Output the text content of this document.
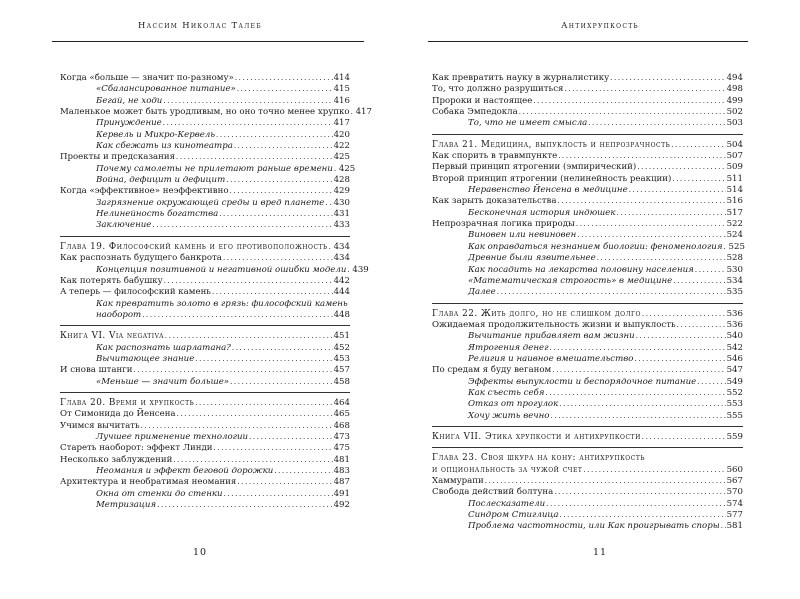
Нассим Николас Талеб
Когда «больше — значит по-разному» . . .	414
«Сбалансированное питание» . . .	415
Бегай, не ходи . . .	416
Маленькое может быть уродливым, но оно точно менее хрупко . . . 417
Принуждение . . .	417
Кервель и Микро-Кервель . . .	420
Как сбежать из кинотеатра . . .	422
Проекты и предсказания . . .	425
Почему самолеты не прилетают раньше времени . . . 425
Война, дефицит и дефицит . . .	428
Когда «эффективное» неэффективно . . .	429
Загрязнение окружающей среды и вред планете . . . 430
Нелинейность богатства . . .	431
Заключение . . .	433
Глава 19. Философский камень и его противоположность . . . 434
Как распознать будущего банкрота . . .	434
Концепция позитивной и негативной ошибки модели . . . 439
Как потерять бабушку . . .	442
А теперь — философский камень . . .	444
Как превратить золото в грязь: философский камень
наоборот . . .	448
Книга VI. Via negativa . . .	451
Как распознать шарлатана? . . .	452
Вычитающее знание . . .	453
И снова штанги . . .	457
«Меньше — значит больше» . . .	458
Глава 20. Время и хрупкость . . .	464
От Симонида до Йенсена . . .	465
Учимся вычитать . . .	468
Лучшее применение технологии . . .	473
Стареть наоборот: эффект Линди . . .	475
Несколько заблуждений . . .	481
Неомания и эффект беговой дорожки . . .	483
Архитектура и необратимая неомания . . .	487
Окна от стенки до стенки . . .	491
Метризация . . .	492
10
Антихрупкость
Как превратить науку в журналистику . . .	494
То, что должно разрушиться . . .	498
Пророки и настоящее . . .	499
Собака Эмпедокла . . .	502
То, что не имеет смысла . . .	503
Глава 21. Медицина, выпуклость и непрозрачность . . .	504
Как спорить в травмпункте . . .	507
Первый принцип ятрогении (эмпирический) . . .	509
Второй принцип ятрогении (нелинейность реакции) . . .	511
Неравенство Йенсена в медицине . . .	514
Как зарыть доказательства . . .	516
Бесконечная история индюшек . . .	517
Непрозрачная логика природы . . .	522
Виновен или невиновен . . .	524
Как оправдаться незнанием биологии: феноменология . . . 525
Древние были язвительнее . . .	528
Как посадить на лекарства половину населения . . .	530
«Математическая строгость» в медицине . . .	534
Далее . . .	535
Глава 22. Жить долго, но не слишком долго . . .	536
Ожидаемая продолжительность жизни и выпуклость . . .	536
Вычитание прибавляет вам жизни . . .	540
Ятрогения денег . . .	542
Религия и наивное вмешательство . . .	546
По средам я буду веганом . . .	547
Эффекты выпуклости и беспорядочное питание . . .	549
Как съесть себя . . .	552
Отказ от прогулок . . .	553
Хочу жить вечно . . .	555
Книга VII. Этика хрупкости и антихрупкости . . .	559
Глава 23. Своя шкура на кону: антихрупкость
и опциональность за чужой счет . . .	560
Хаммурапи . . .	567
Свобода действий болтуна . . .	570
Послесказатели . . .	574
Синдром Стиглица . . .	577
Проблема частотности, или Как проигрывать споры . . . 581
11
